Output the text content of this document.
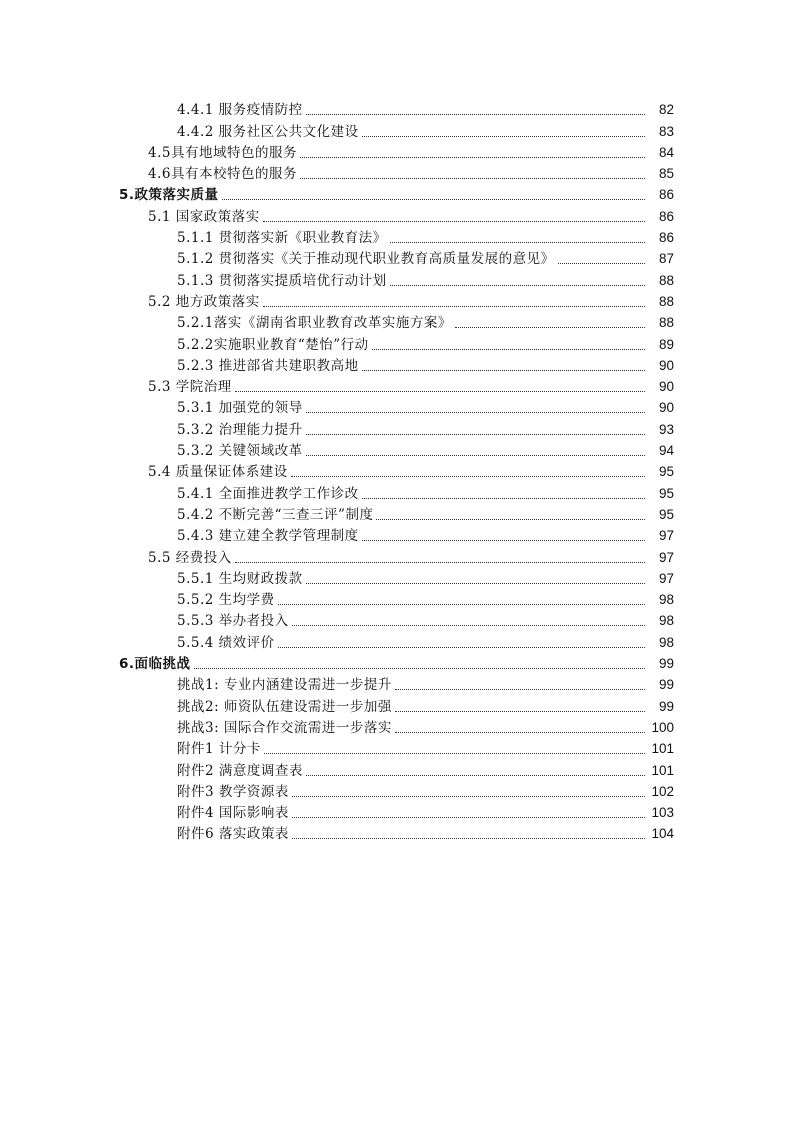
4.4.1 服务疫情防控	82
4.4.2 服务社区公共文化建设	83
4.5具有地域特色的服务	84
4.6具有本校特色的服务	85
5.政策落实质量	86
5.1 国家政策落实	86
5.1.1 贯彻落实新《职业教育法》	86
5.1.2 贯彻落实《关于推动现代职业教育高质量发展的意见》	87
5.1.3 贯彻落实提质培优行动计划	88
5.2 地方政策落实	88
5.2.1落实《湖南省职业教育改革实施方案》	88
5.2.2实施职业教育“楚怡”行动	89
5.2.3 推进部省共建职教高地	90
5.3 学院治理	90
5.3.1 加强党的领导	90
5.3.2 治理能力提升	93
5.3.2 关键领域改革	94
5.4 质量保证体系建设	95
5.4.1 全面推进教学工作诊改	95
5.4.2 不断完善“三查三评”制度	95
5.4.3 建立建全教学管理制度	97
5.5 经费投入	97
5.5.1 生均财政拨款	97
5.5.2 生均学费	98
5.5.3 举办者投入	98
5.5.4 绩效评价	98
6.面临挑战	99
挑战1: 专业内涵建设需进一步提升	99
挑战2: 师资队伍建设需进一步加强	99
挑战3: 国际合作交流需进一步落实	100
附件1 计分卡	101
附件2 满意度调查表	101
附件3 教学资源表	102
附件4 国际影响表	103
附件6 落实政策表	104
